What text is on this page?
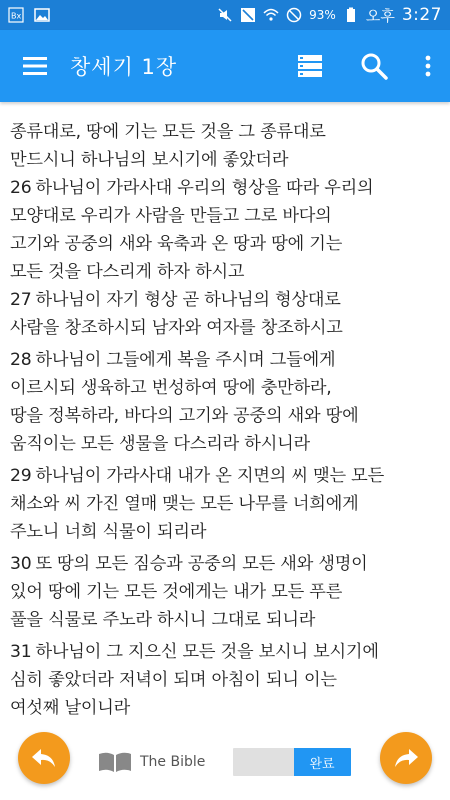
Bx	93% 오후 3:27
창세기 1장
종류대로, 땅에 기는 모든 것을 그 종류대로
만드시니 하나님의 보시기에 좋았더라
26 하나님이 가라사대 우리의 형상을 따라 우리의
모양대로 우리가 사람을 만들고 그로 바다의
고기와 공중의 새와 육축과 온 땅과 땅에 기는
모든 것을 다스리게 하자 하시고
27 하나님이 자기 형상 곧 하나님의 형상대로
사람을 창조하시되 남자와 여자를 창조하시고
28 하나님이 그들에게 복을 주시며 그들에게
이르시되 생육하고 번성하여 땅에 충만하라,
땅을 정복하라, 바다의 고기와 공중의 새와 땅에
움직이는 모든 생물을 다스리라 하시니라
29 하나님이 가라사대 내가 온 지면의 씨 맺는 모든
채소와 씨 가진 열매 맺는 모든 나무를 너희에게
주노니 너희 식물이 되리라
30 또 땅의 모든 짐승과 공중의 모든 새와 생명이
있어 땅에 기는 모든 것에게는 내가 모든 푸른
풀을 식물로 주노라 하시니 그대로 되니라
31 하나님이 그 지으신 모든 것을 보시니 보시기에
심히 좋았더라 저녁이 되며 아침이 되니 이는
여섯째 날이니라
The Bible	완료
